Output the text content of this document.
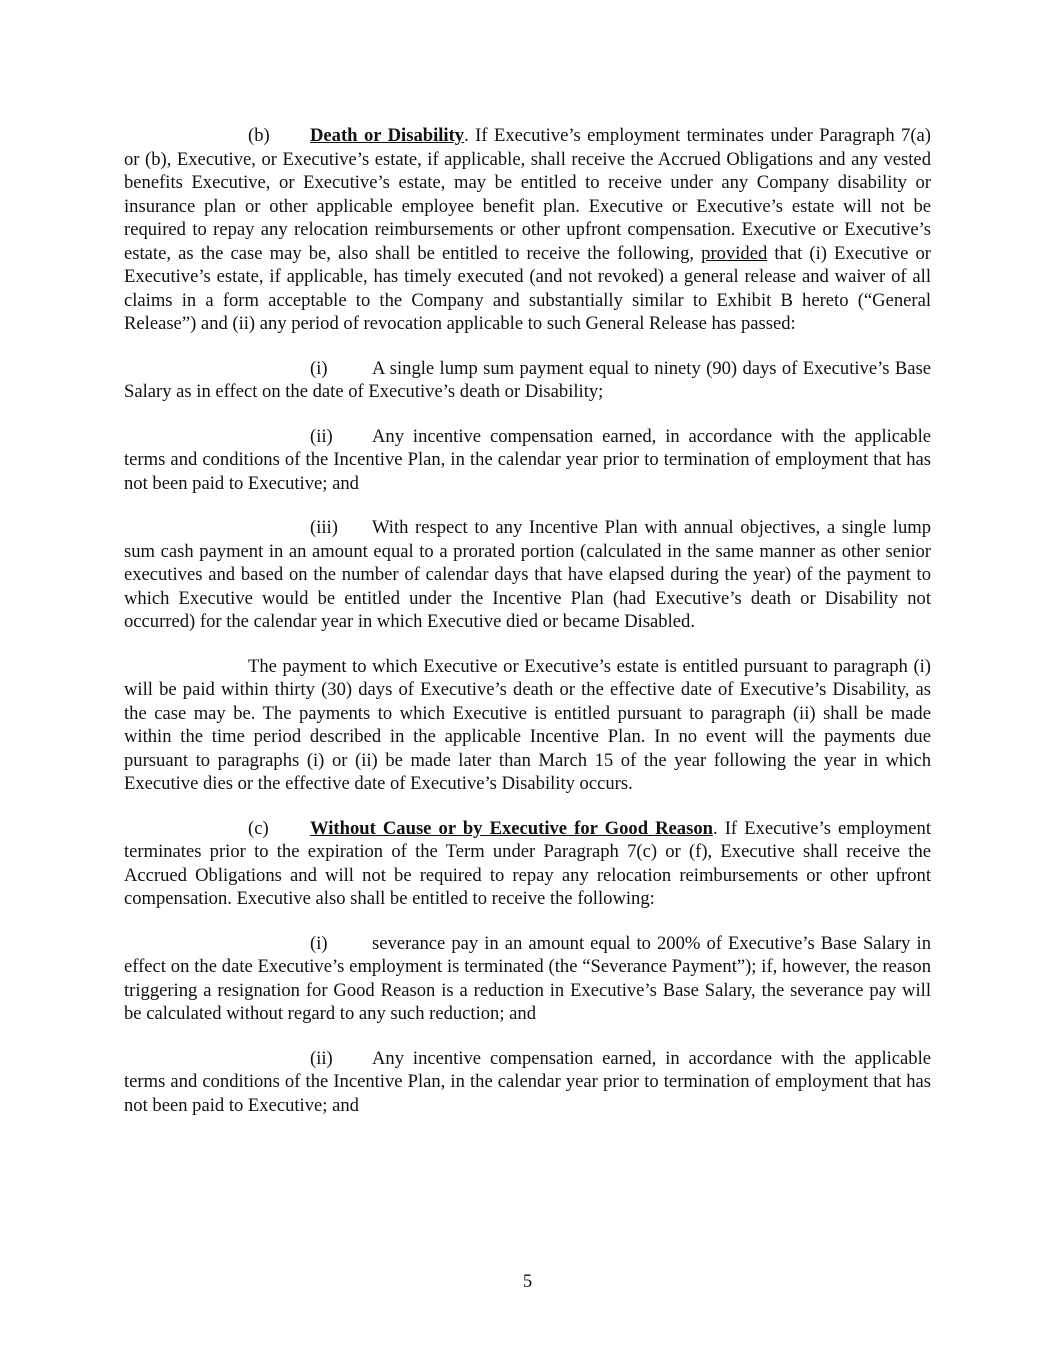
(b) Death or Disability. If Executive’s employment terminates under Paragraph 7(a) or (b), Executive, or Executive’s estate, if applicable, shall receive the Accrued Obligations and any vested benefits Executive, or Executive’s estate, may be entitled to receive under any Company disability or insurance plan or other applicable employee benefit plan. Executive or Executive’s estate will not be required to repay any relocation reimbursements or other upfront compensation. Executive or Executive’s estate, as the case may be, also shall be entitled to receive the following, provided that (i) Executive or Executive’s estate, if applicable, has timely executed (and not revoked) a general release and waiver of all claims in a form acceptable to the Company and substantially similar to Exhibit B hereto (“General Release”) and (ii) any period of revocation applicable to such General Release has passed:

(i) A single lump sum payment equal to ninety (90) days of Executive’s Base Salary as in effect on the date of Executive’s death or Disability;

(ii) Any incentive compensation earned, in accordance with the applicable terms and conditions of the Incentive Plan, in the calendar year prior to termination of employment that has not been paid to Executive; and

(iii) With respect to any Incentive Plan with annual objectives, a single lump sum cash payment in an amount equal to a prorated portion (calculated in the same manner as other senior executives and based on the number of calendar days that have elapsed during the year) of the payment to which Executive would be entitled under the Incentive Plan (had Executive’s death or Disability not occurred) for the calendar year in which Executive died or became Disabled.

The payment to which Executive or Executive’s estate is entitled pursuant to paragraph (i) will be paid within thirty (30) days of Executive’s death or the effective date of Executive’s Disability, as the case may be. The payments to which Executive is entitled pursuant to paragraph (ii) shall be made within the time period described in the applicable Incentive Plan. In no event will the payments due pursuant to paragraphs (i) or (ii) be made later than March 15 of the year following the year in which Executive dies or the effective date of Executive’s Disability occurs.

(c) Without Cause or by Executive for Good Reason. If Executive’s employment terminates prior to the expiration of the Term under Paragraph 7(c) or (f), Executive shall receive the Accrued Obligations and will not be required to repay any relocation reimbursements or other upfront compensation. Executive also shall be entitled to receive the following:

(i) severance pay in an amount equal to 200% of Executive’s Base Salary in effect on the date Executive’s employment is terminated (the “Severance Payment”); if, however, the reason triggering a resignation for Good Reason is a reduction in Executive’s Base Salary, the severance pay will be calculated without regard to any such reduction; and

(ii) Any incentive compensation earned, in accordance with the applicable terms and conditions of the Incentive Plan, in the calendar year prior to termination of employment that has not been paid to Executive; and

5
